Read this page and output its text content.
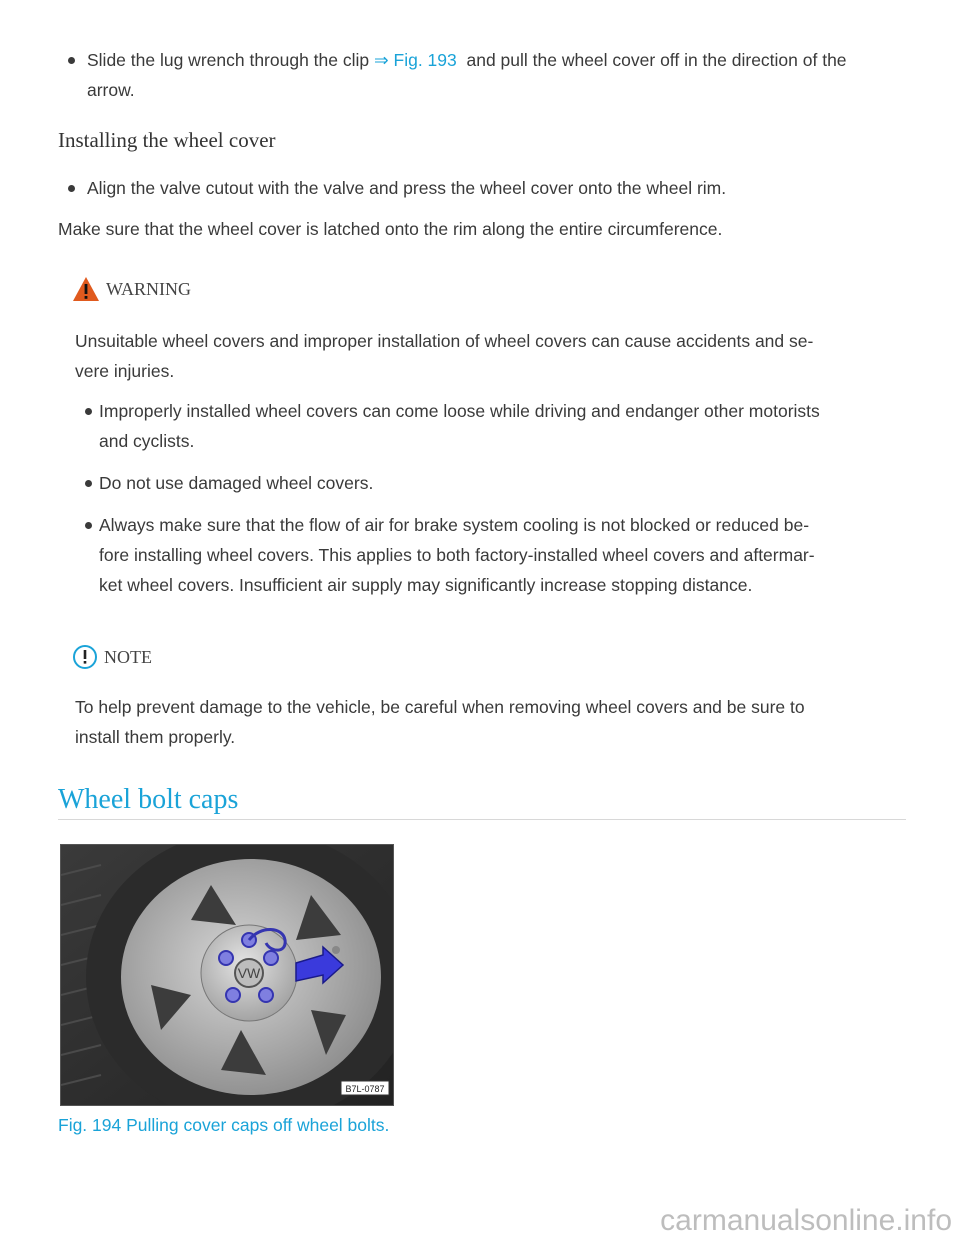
Slide the lug wrench through the clip ⇒ Fig. 193  and pull the wheel cover off in the direction of the
arrow.
Installing the wheel cover
Align the valve cutout with the valve and press the wheel cover onto the wheel rim.
Make sure that the wheel cover is latched onto the rim along the entire circumference.
WARNING
Unsuitable wheel covers and improper installation of wheel covers can cause accidents and se-
vere injuries.
Improperly installed wheel covers can come loose while driving and endanger other motorists
and cyclists.
Do not use damaged wheel covers.
Always make sure that the flow of air for brake system cooling is not blocked or reduced be-
fore installing wheel covers. This applies to both factory-installed wheel covers and aftermar-
ket wheel covers. Insufficient air supply may significantly increase stopping distance.
NOTE
To help prevent damage to the vehicle, be careful when removing wheel covers and be sure to
install them properly.
Wheel bolt caps
VW
B7L-0787
Fig. 194 Pulling cover caps off wheel bolts.
carmanualsonline.info
